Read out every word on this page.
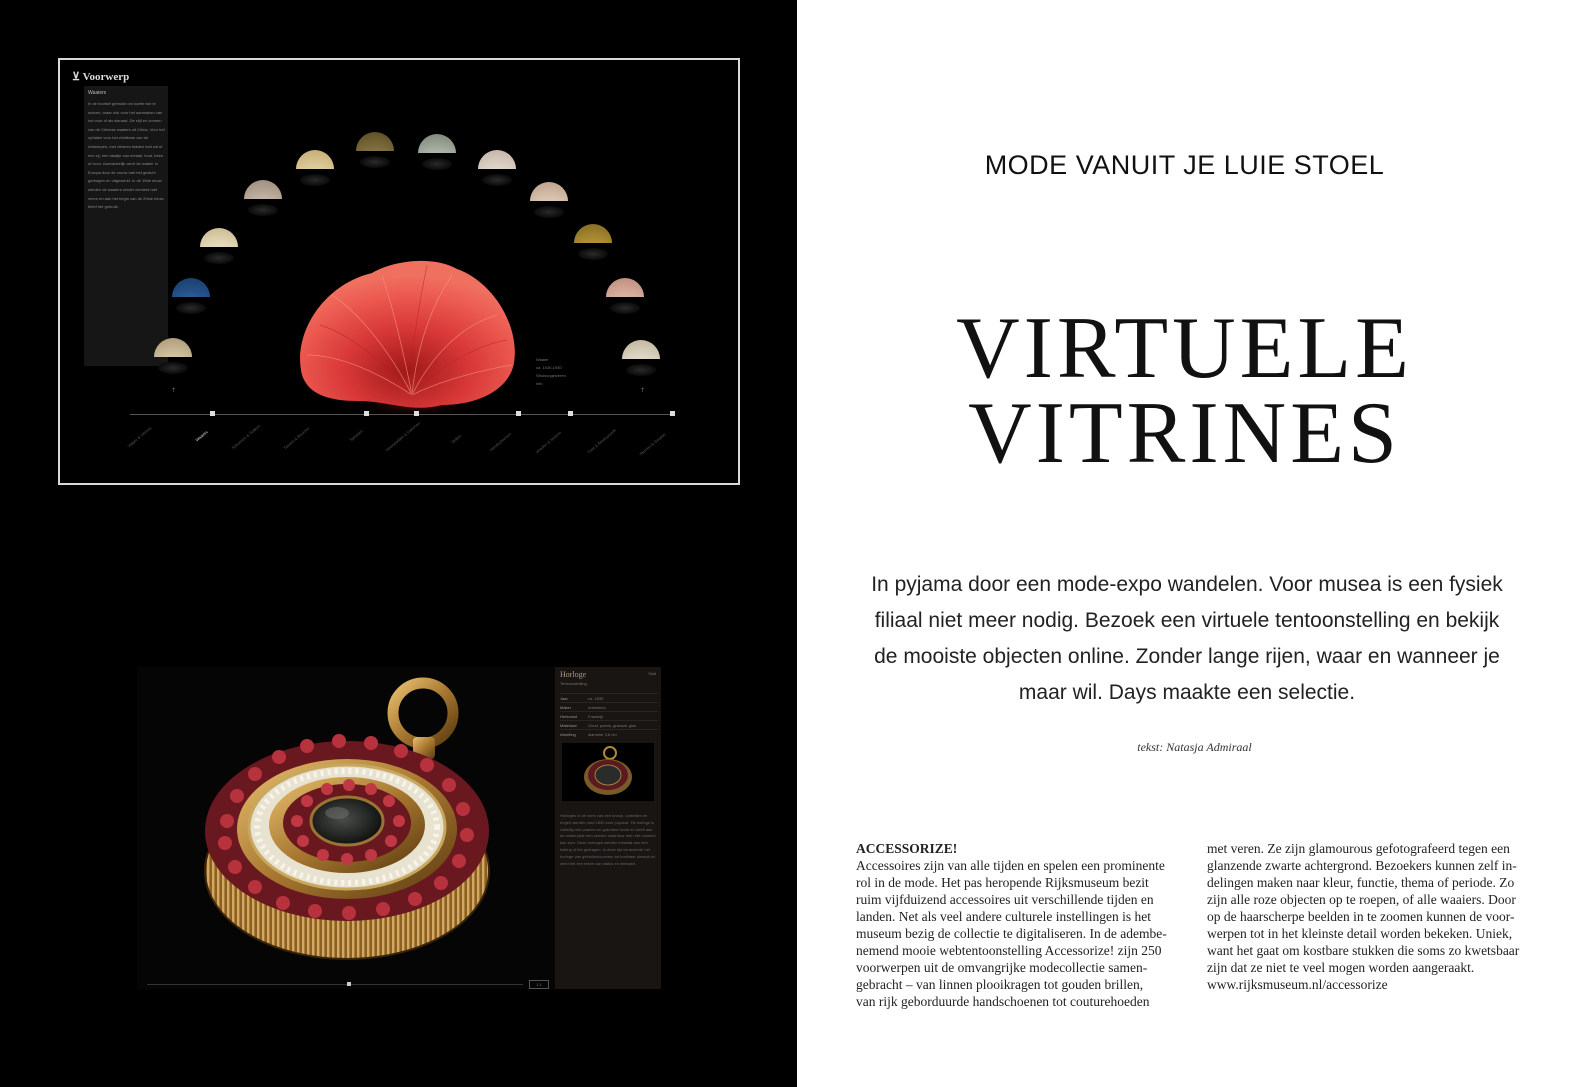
⊻ Voorwerp
Waaiers
In de hoofsel gebruikt om koelte toe te wuiven, maar ook voor het aanmaken van het vuur of als sieraad. De stijl en vormen van de Chinese waaiers uit China. Voor het ophalen voor het zichtbaar van de Antwerpen, met zilveren bladen met wit of een zij, een staafje van metaal, hout, been of ivoor. Aanvankelijk werd de waaier in Europa door de vrouw met het gezicht gedragen en uitgewerkt. In de 19de eeuw werden de waaiers verder versierd met veren en aan het begin van de 20ste eeuw bleef het gebruik.
Waaier
ca. 1920-1930
Struisvogelveren
info
↑	↑
Vakjes & Vitrines	Waaiers	Schoenen & Sokken	Tassen & Beurzen	Sieraden	Haarspelden & Kammen	Brillen	Handschoenen	Hoeden & Mutsen	Kant & Borduurwerk	Riemen & Gespen
Horloge	Sluit
Tentoonstelling
Jaar	ca. 1830
Maker	onbekend
Herkomst	Frankrijk
Materiaal	Goud, parels, granaat, glas
Afmeting	diameter 3,8 cm
Horloges in de vorm van een knoop, oorbellen en ringen werden rond 1830 zeer populair. Dit horloge is volledig met paarlen en granaten bezet en heeft aan de achterzijde een venster waardoor men het uurwerk kan zien. Deze horloges werden meestal aan een ketting of lint gedragen. In deze tijd veranderde het horloge van gebruiksvoorwerp tot kostbaar sieraad en werd het een teken van status en welvaart.
1:1
MODE VANUIT JE LUIE STOEL
VIRTUELE
VITRINES
In pyjama door een mode-expo wandelen. Voor musea is een fysiek
filiaal niet meer nodig. Bezoek een virtuele tentoonstelling en bekijk
de mooiste objecten online. Zonder lange rijen, waar en wanneer je
maar wil. Days maakte een selectie.
tekst: Natasja Admiraal
ACCESSORIZE!
Accessoires zijn van alle tijden en spelen een prominente
rol in de mode. Het pas heropende Rijksmuseum bezit
ruim vijfduizend accessoires uit verschillende tijden en
landen. Net als veel andere culturele instellingen is het
museum bezig de collectie te digitaliseren. In de adembe-
nemend mooie webtentoonstelling Accessorize! zijn 250
voorwerpen uit de omvangrijke modecollectie samen-
gebracht – van linnen plooikragen tot gouden brillen,
van rijk geborduurde handschoenen tot couturehoeden
met veren. Ze zijn glamourous gefotografeerd tegen een
glanzende zwarte achtergrond. Bezoekers kunnen zelf in-
delingen maken naar kleur, functie, thema of periode. Zo
zijn alle roze objecten op te roepen, of alle waaiers. Door
op de haarscherpe beelden in te zoomen kunnen de voor-
werpen tot in het kleinste detail worden bekeken. Uniek,
want het gaat om kostbare stukken die soms zo kwetsbaar
zijn dat ze niet te veel mogen worden aangeraakt.
www.rijksmuseum.nl/accessorize
